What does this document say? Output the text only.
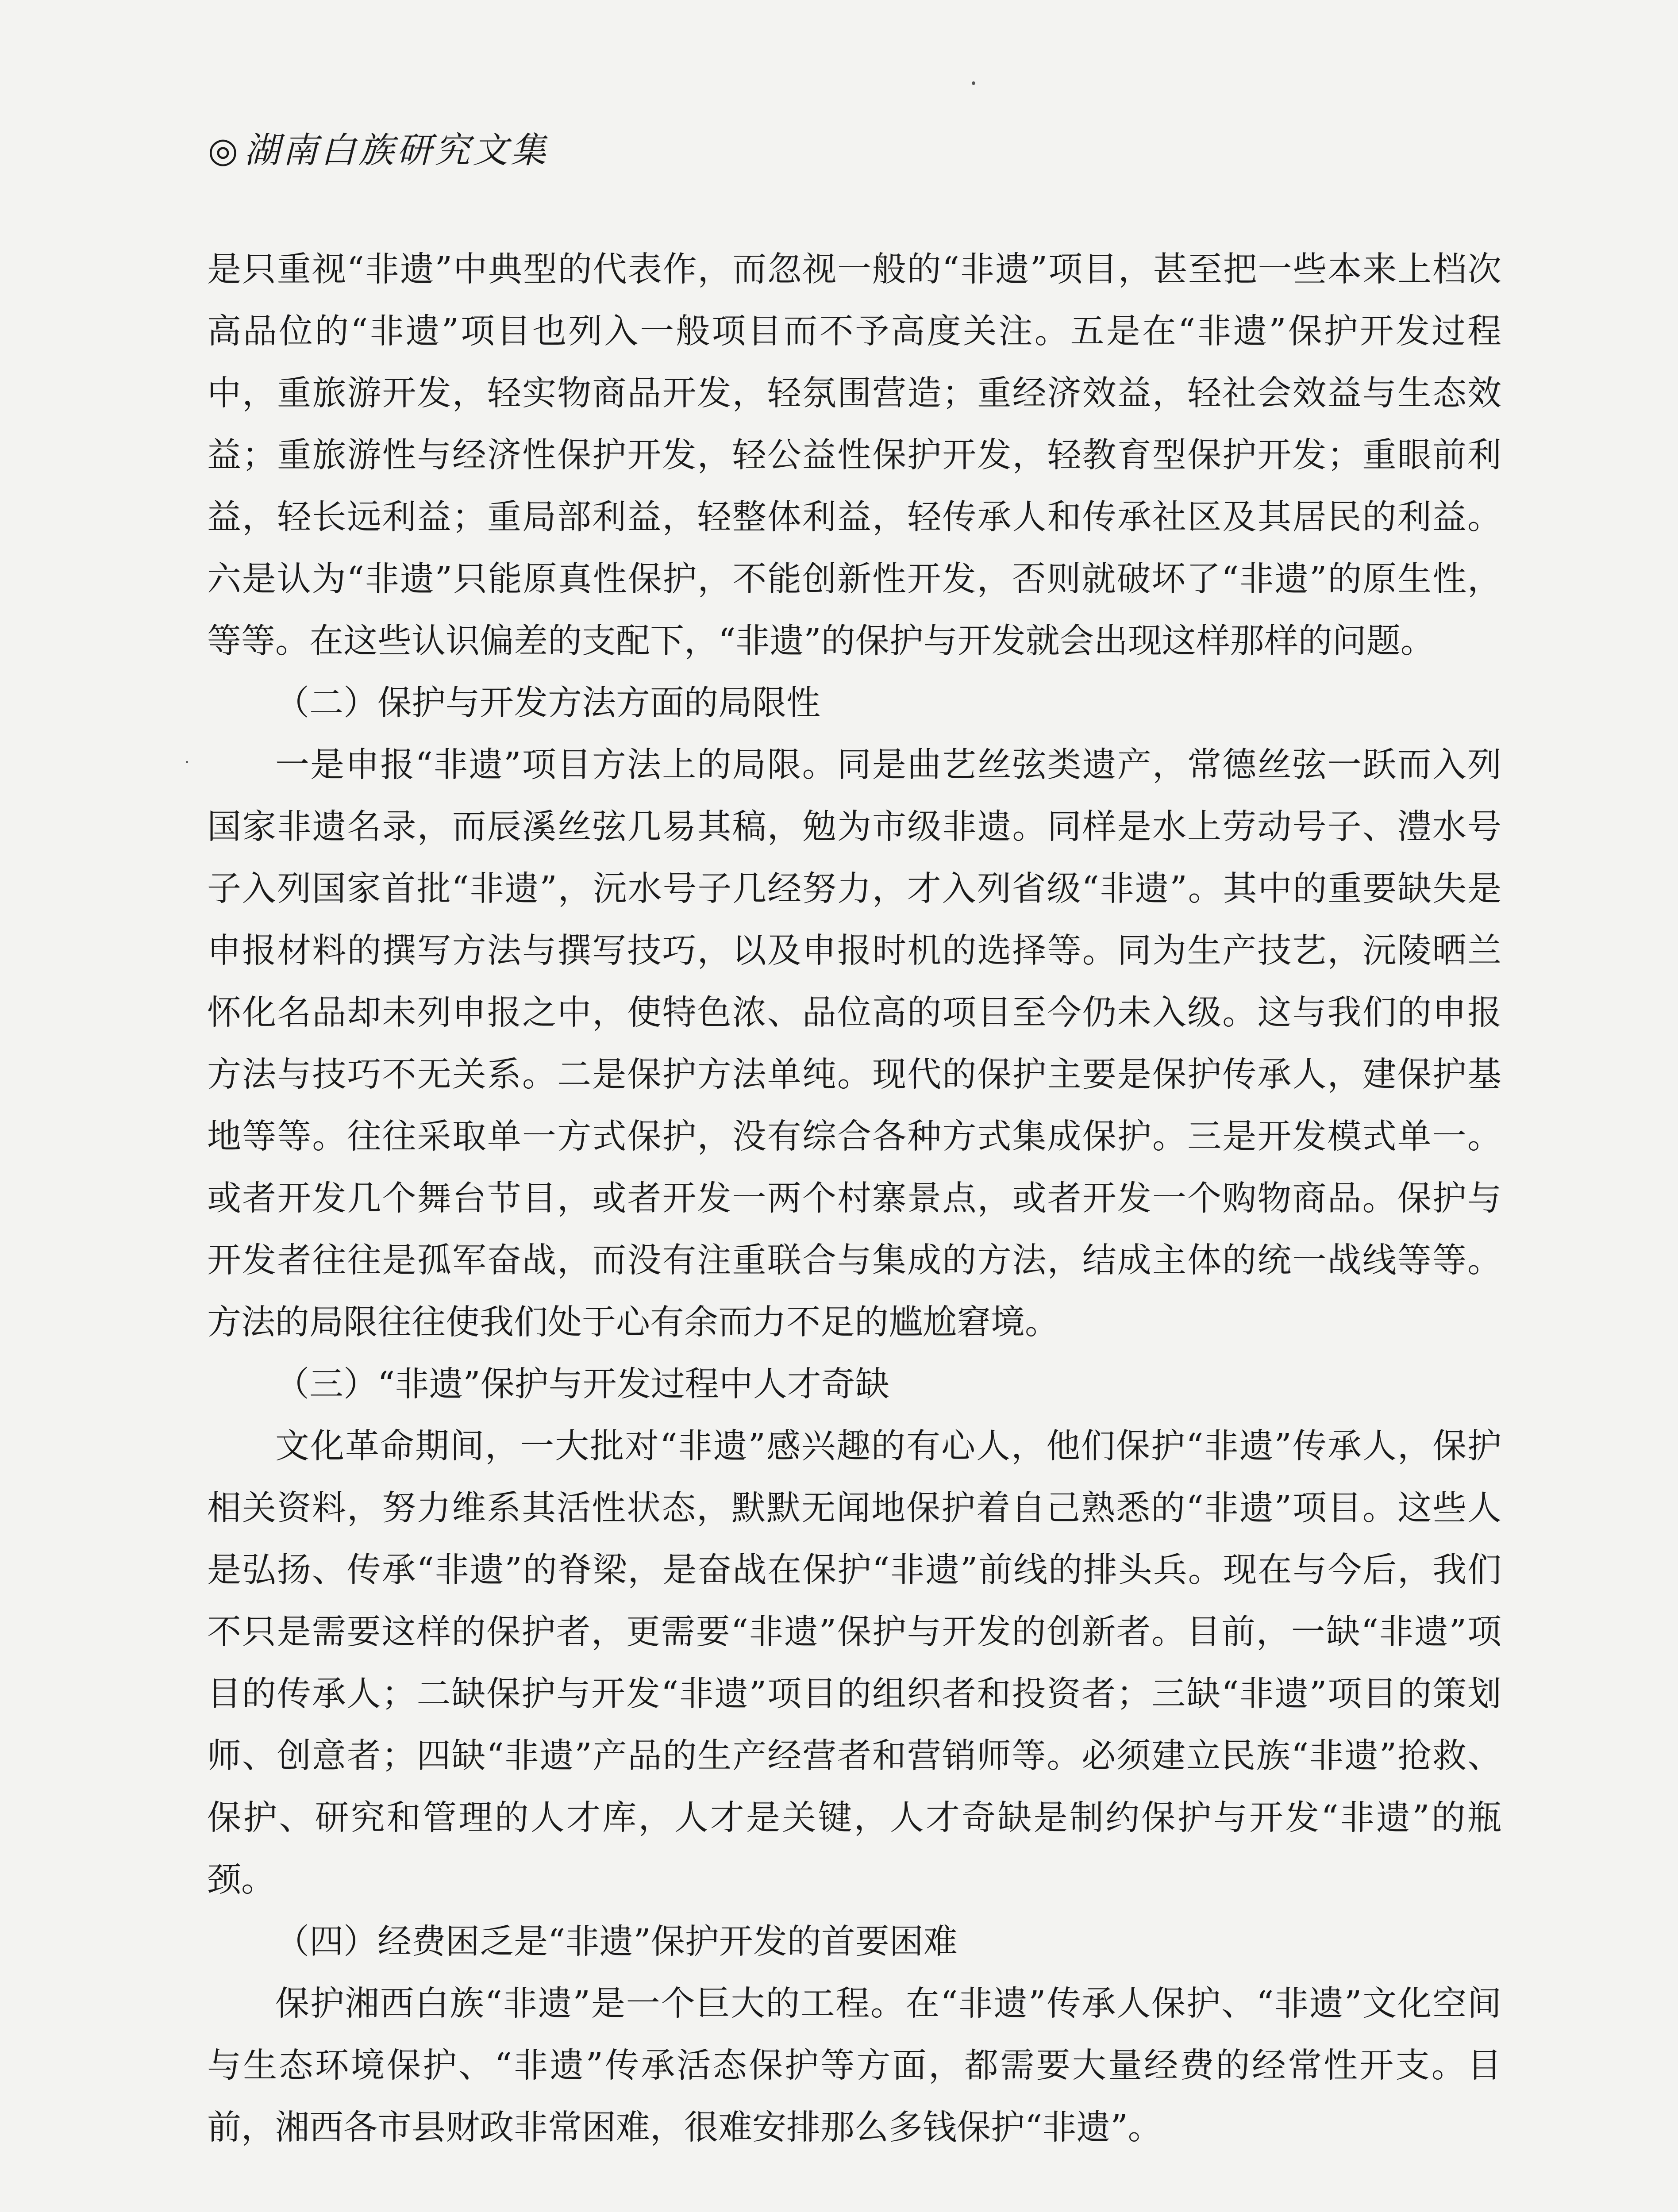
◎ 湖南白族研究文集

是只重视“非遗”中典型的代表作，而忽视一般的“非遗”项目，甚至把一些本来上档次高品位的“非遗”项目也列入一般项目而不予高度关注。五是在“非遗”保护开发过程中，重旅游开发，轻实物商品开发，轻氛围营造；重经济效益，轻社会效益与生态效益；重旅游性与经济性保护开发，轻公益性保护开发，轻教育型保护开发；重眼前利益，轻长远利益；重局部利益，轻整体利益，轻传承人和传承社区及其居民的利益。六是认为“非遗”只能原真性保护，不能创新性开发，否则就破坏了“非遗”的原生性，等等。在这些认识偏差的支配下，“非遗”的保护与开发就会出现这样那样的问题。

（二）保护与开发方法方面的局限性

一是申报“非遗”项目方法上的局限。同是曲艺丝弦类遗产，常德丝弦一跃而入列国家非遗名录，而辰溪丝弦几易其稿，勉为市级非遗。同样是水上劳动号子、澧水号子入列国家首批“非遗”，沅水号子几经努力，才入列省级“非遗”。其中的重要缺失是申报材料的撰写方法与撰写技巧，以及申报时机的选择等。同为生产技艺，沅陵晒兰怀化名品却未列申报之中，使特色浓、品位高的项目至今仍未入级。这与我们的申报方法与技巧不无关系。二是保护方法单纯。现代的保护主要是保护传承人，建保护基地等等。往往采取单一方式保护，没有综合各种方式集成保护。三是开发模式单一。或者开发几个舞台节目，或者开发一两个村寨景点，或者开发一个购物商品。保护与开发者往往是孤军奋战，而没有注重联合与集成的方法，结成主体的统一战线等等。方法的局限往往使我们处于心有余而力不足的尴尬窘境。

（三）“非遗”保护与开发过程中人才奇缺

文化革命期间，一大批对“非遗”感兴趣的有心人，他们保护“非遗”传承人，保护相关资料，努力维系其活性状态，默默无闻地保护着自己熟悉的“非遗”项目。这些人是弘扬、传承“非遗”的脊梁，是奋战在保护“非遗”前线的排头兵。现在与今后，我们不只是需要这样的保护者，更需要“非遗”保护与开发的创新者。目前，一缺“非遗”项目的传承人；二缺保护与开发“非遗”项目的组织者和投资者；三缺“非遗”项目的策划师、创意者；四缺“非遗”产品的生产经营者和营销师等。必须建立民族“非遗”抢救、保护、研究和管理的人才库，人才是关键，人才奇缺是制约保护与开发“非遗”的瓶颈。

（四）经费困乏是“非遗”保护开发的首要困难

保护湘西白族“非遗”是一个巨大的工程。在“非遗”传承人保护、“非遗”文化空间与生态环境保护、“非遗”传承活态保护等方面，都需要大量经费的经常性开支。目前，湘西各市县财政非常困难，很难安排那么多钱保护“非遗”。
